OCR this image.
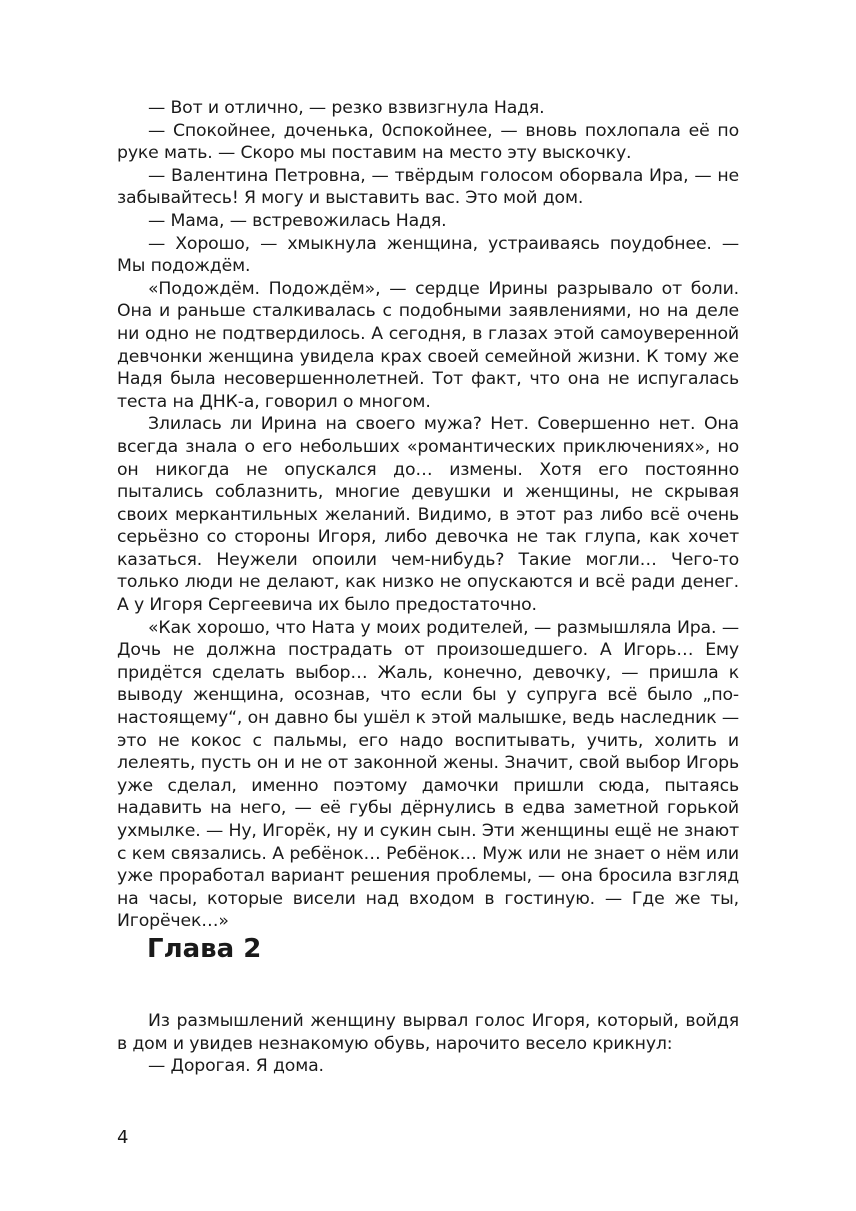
— Вот и отлично, — резко взвизгнула Надя.

— Спокойнее, доченька, 0спокойнее, — вновь похлопала её по руке мать. — Скоро мы поставим на место эту выскочку.

— Валентина Петровна, — твёрдым голосом оборвала Ира, — не забывайтесь! Я могу и выставить вас. Это мой дом.

— Мама, — встревожилась Надя.

— Хорошо, — хмыкнула женщина, устраиваясь поудобнее. — Мы подождём.

«Подождём. Подождём», — сердце Ирины разрывало от боли. Она и раньше сталкивалась с подобными заявлениями, но на деле ни одно не подтвердилось. А сегодня, в глазах этой самоуверенной девчонки женщина увидела крах своей семейной жизни. К тому же Надя была несовершеннолетней. Тот факт, что она не испугалась теста на ДНК-а, говорил о многом.

Злилась ли Ирина на своего мужа? Нет. Совершенно нет. Она всегда знала о его небольших «романтических приключениях», но он никогда не опускался до… измены. Хотя его постоянно пытались соблазнить, многие девушки и женщины, не скрывая своих меркантильных желаний. Видимо, в этот раз либо всё очень серьёзно со стороны Игоря, либо девочка не так глупа, как хочет казаться. Неужели опоили чем-нибудь? Такие могли… Чего-то только люди не делают, как низко не опускаются и всё ради денег. А у Игоря Сергеевича их было предостаточно.

«Как хорошо, что Ната у моих родителей, — размышляла Ира. — Дочь не должна пострадать от произошедшего. А Игорь… Ему придётся сделать выбор… Жаль, конечно, девочку, — пришла к выводу женщина, осознав, что если бы у супруга всё было „по-настоящему“, он давно бы ушёл к этой малышке, ведь наследник — это не кокос с пальмы, его надо воспитывать, учить, холить и лелеять, пусть он и не от законной жены. Значит, свой выбор Игорь уже сделал, именно поэтому дамочки пришли сюда, пытаясь надавить на него, — её губы дёрнулись в едва заметной горькой ухмылке. — Ну, Игорёк, ну и сукин сын. Эти женщины ещё не знают с кем связались. А ребёнок… Ребёнок… Муж или не знает о нём или уже проработал вариант решения проблемы, — она бросила взгляд на часы, которые висели над входом в гостиную. — Где же ты, Игорёчек…»

Глава 2

Из размышлений женщину вырвал голос Игоря, который, войдя в дом и увидев незнакомую обувь, нарочито весело крикнул:

— Дорогая. Я дома.

4
